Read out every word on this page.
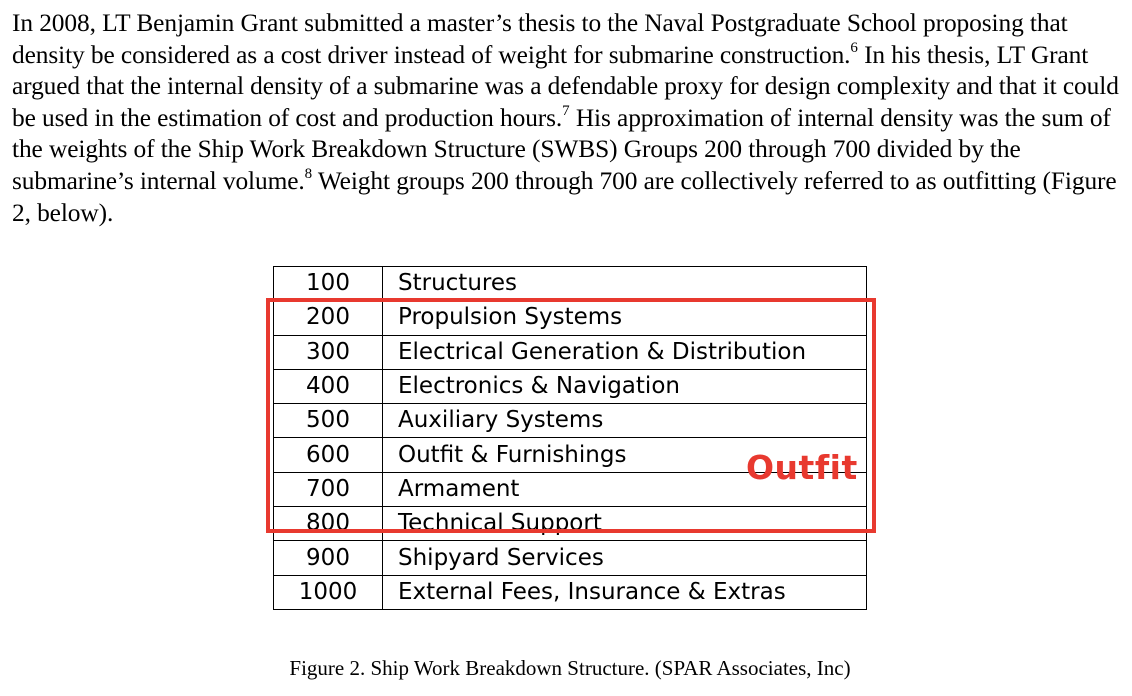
In 2008, LT Benjamin Grant submitted a master’s thesis to the Naval Postgraduate School proposing that density be considered as a cost driver instead of weight for submarine construction.$^6$ In his thesis, LT Grant argued that the internal density of a submarine was a defendable proxy for design complexity and that it could be used in the estimation of cost and production hours.$^7$ His approximation of internal density was the sum of the weights of the Ship Work Breakdown Structure (SWBS) Groups 200 through 700 divided by the submarine’s internal volume.$^8$ Weight groups 200 through 700 are collectively referred to as outfitting (Figure 2, below).

100	Structures
200	Propulsion Systems
300	Electrical Generation & Distribution
400	Electronics & Navigation
500	Auxiliary Systems
600	Outfit & Furnishings
700	Armament
800	Technical Support
900	Shipyard Services
1000	External Fees, Insurance & Extras
Outfit
Figure 2. Ship Work Breakdown Structure. (SPAR Associates, Inc)
